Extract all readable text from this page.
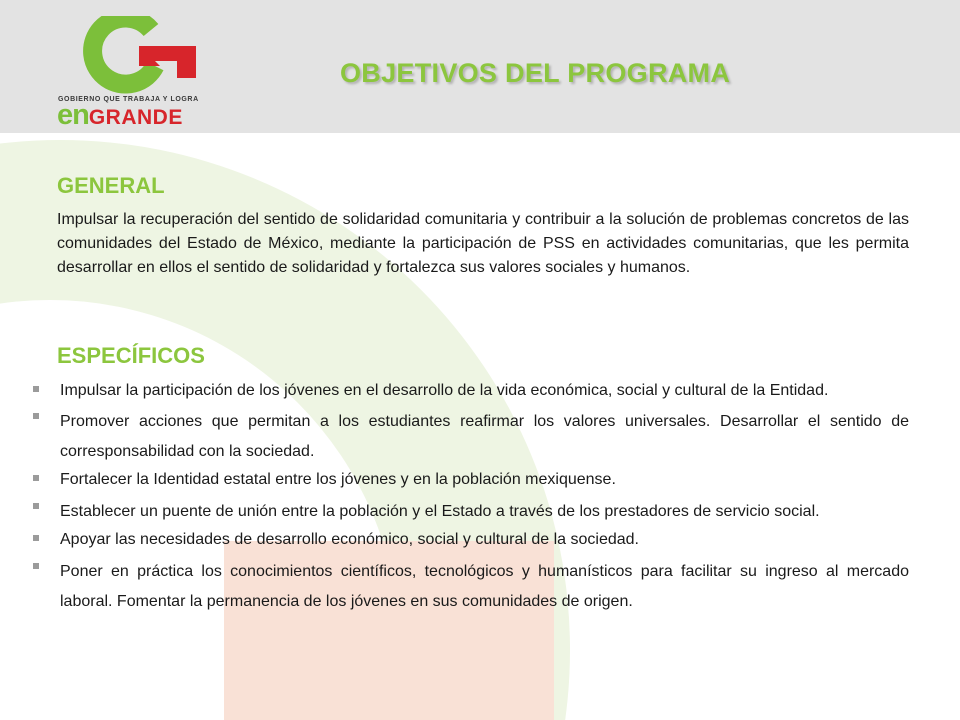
GOBIERNO QUE TRABAJA Y LOGRA
enGRANDE
OBJETIVOS DEL PROGRAMA
GENERAL
Impulsar la recuperación del sentido de solidaridad comunitaria y contribuir a la solución de problemas concretos de las comunidades del Estado de México, mediante la participación de PSS en actividades comunitarias, que les permita desarrollar en ellos el sentido de solidaridad y fortalezca sus valores sociales y humanos.
ESPECÍFICOS
Impulsar la participación de los jóvenes en el desarrollo de la vida económica, social y cultural de la Entidad.
Promover acciones que permitan a los estudiantes reafirmar los valores universales. Desarrollar el sentido de corresponsabilidad con la sociedad.
Fortalecer la Identidad estatal entre los jóvenes y en la población mexiquense.
Establecer un puente de unión entre la población y el Estado a través de los prestadores de servicio social.
Apoyar las necesidades de desarrollo económico, social y cultural de la sociedad.
Poner en práctica los conocimientos científicos, tecnológicos y humanísticos para facilitar su ingreso al mercado laboral. Fomentar la permanencia de los jóvenes en sus comunidades de origen.
